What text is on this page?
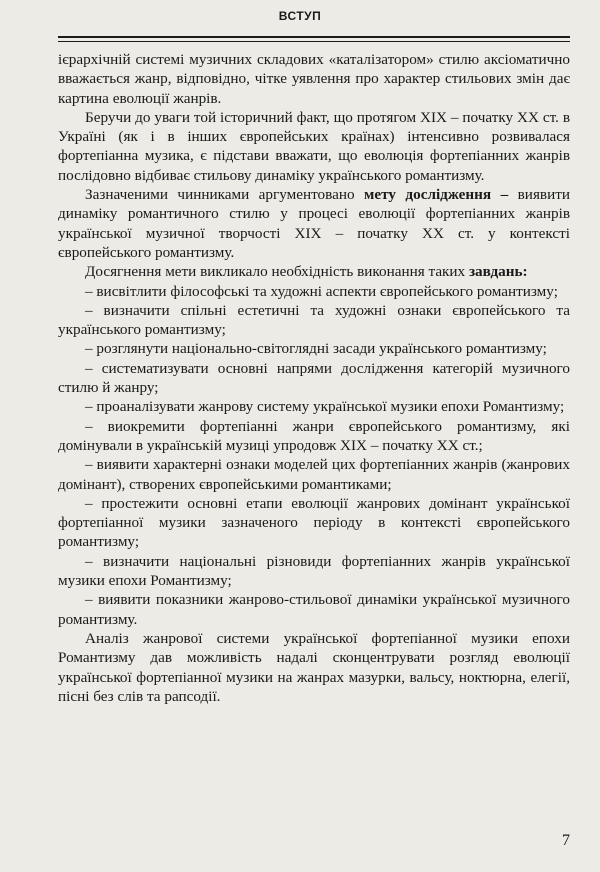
ВСТУП

ієрархічній системі музичних складових «каталізатором» стилю аксіоматично вважається жанр, відповідно, чітке уявлення про характер стильових змін дає картина еволюції жанрів.

Беручи до уваги той історичний факт, що протягом XIX – початку XX ст. в Україні (як і в інших європейських країнах) інтенсивно розвивалася фортепіанна музика, є підстави вважати, що еволюція фортепіанних жанрів послідовно відбиває стильову динаміку українського романтизму.

Зазначеними чинниками аргументовано мету дослідження – виявити динаміку романтичного стилю у процесі еволюції фортепіанних жанрів української музичної творчості XIX – початку XX ст. у контексті європейського романтизму.

Досягнення мети викликало необхідність виконання таких завдань:

– висвітлити філософські та художні аспекти європейського романтизму;

– визначити спільні естетичні та художні ознаки європейського та українського романтизму;

– розглянути національно-світоглядні засади українського романтизму;

– систематизувати основні напрями дослідження категорій музичного стилю й жанру;

– проаналізувати жанрову систему української музики епохи Романтизму;

– виокремити фортепіанні жанри європейського романтизму, які домінували в українській музиці упродовж XIX – початку XX ст.;

– виявити характерні ознаки моделей цих фортепіанних жанрів (жанрових домінант), створених європейськими романтиками;

– простежити основні етапи еволюції жанрових домінант української фортепіанної музики зазначеного періоду в контексті європейського романтизму;

– визначити національні різновиди фортепіанних жанрів української музики епохи Романтизму;

– виявити показники жанрово-стильової динаміки української музичного романтизму.

Аналіз жанрової системи української фортепіанної музики епохи Романтизму дав можливість надалі сконцентрувати розгляд еволюції української фортепіанної музики на жанрах мазурки, вальсу, ноктюрна, елегії, пісні без слів та рапсодії.

7
